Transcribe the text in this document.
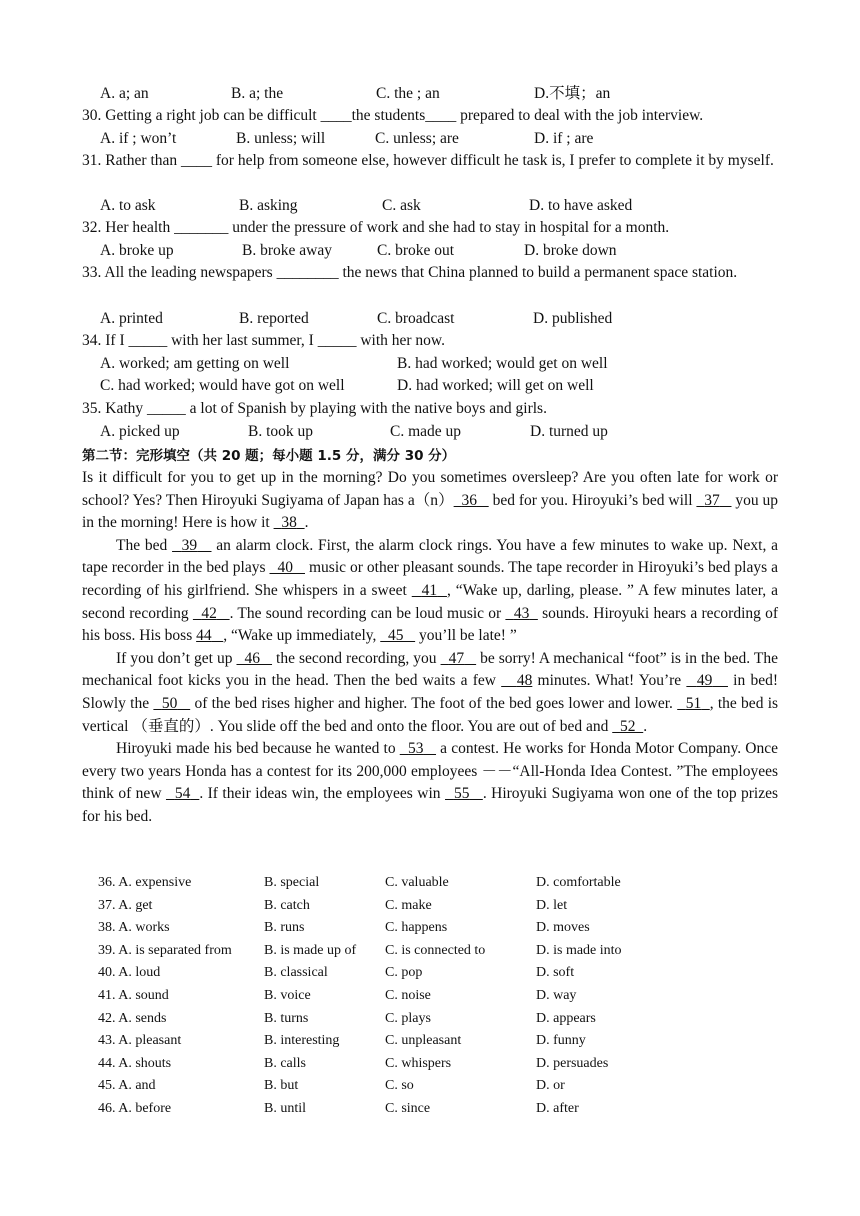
A. a; an	B. a; the	C. the ; an	D.不填；an
30. Getting a right job can be difficult ____the students____ prepared to deal with the job interview.
A. if ; won’t	B. unless; will	C. unless; are	D. if ; are
31. Rather than ____ for help from someone else, however difficult he task is, I prefer to complete it by myself.
A. to ask	B. asking	C. ask	D. to have asked
32. Her health _______ under the pressure of work and she had to stay in hospital for a month.
A. broke up	B. broke away	C. broke out	D. broke down
33. All the leading newspapers ________ the news that China planned to build a permanent space station.
A. printed	B. reported	C. broadcast	D. published
34. If I _____ with her last summer, I _____ with her now.
A. worked; am getting on well	B. had worked; would get on well
C. had worked; would have got on well	D. had worked; will get on well
35. Kathy _____ a lot of Spanish by playing with the native boys and girls.
A. picked up	B. took up	C. made up	D. turned up
第二节：完形填空（共 20 题；每小题 1.5 分，满分 30 分）

Is it difficult for you to get up in the morning? Do you sometimes oversleep? Are you often late for work or school? Yes? Then Hiroyuki Sugiyama of Japan has a（n） 36    bed for you. Hiroyuki’s bed will   37    you up in the morning! Here is how it   38 .

The bed   39    an alarm clock. First, the alarm clock rings. You have a few minutes to wake up. Next, a tape recorder in the bed plays   40    music or other pleasant sounds. The tape recorder in Hiroyuki’s bed plays a recording of his girlfriend. She whispers in a sweet   41 , “Wake up, darling, please. ” A few minutes later, a second recording   42 . The sound recording can be loud music or   43   sounds. Hiroyuki hears a recording of his boss. His boss 44 , “Wake up immediately,   45    you’ll be late! ”

If you don’t get up   46    the second recording, you   47    be sorry! A mechanical “foot” is in the bed. The mechanical foot kicks you in the head. Then the bed waits a few    48 minutes. What! You’re   49    in bed! Slowly the   50    of the bed rises higher and higher. The foot of the bed goes lower and lower.   51 , the bed is vertical （垂直的）. You slide off the bed and onto the floor. You are out of bed and   52 .

Hiroyuki made his bed because he wanted to   53    a contest. He works for Honda Motor Company. Once every two years Honda has a contest for its 200,000 employees －－“All-Honda Idea Contest. ”The employees think of new   54 . If their ideas win, the employees win   55 . Hiroyuki Sugiyama won one of the top prizes for his bed.

36. A. expensive	B. special	C. valuable	D. comfortable
37. A. get	B. catch	C. make	D. let
38. A. works	B. runs	C. happens	D. moves
39. A. is separated from	B. is made up of	C. is connected to	D. is made into
40. A. loud	B. classical	C. pop	D. soft
41. A. sound	B. voice	C. noise	D. way
42. A. sends	B. turns	C. plays	D. appears
43. A. pleasant	B. interesting	C. unpleasant	D. funny
44. A. shouts	B. calls	C. whispers	D. persuades
45. A. and	B. but	C. so	D. or
46. A. before	B. until	C. since	D. after
